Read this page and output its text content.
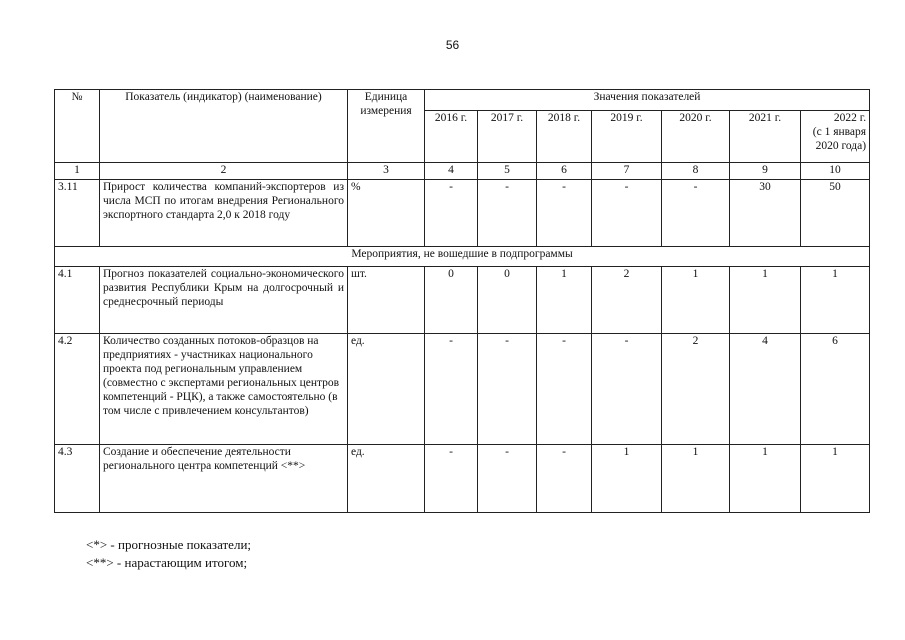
56
№	Показатель (индикатор) (наименование)	Единица измерения	Значения показателей						
			2016 г.	2017 г.	2018 г.	2019 г.	2020 г.	2021 г.	2022 г.
(с 1 января
2020 года)

1	2	3	4	5	6	7	8	9	10
3.11	Прирост количества компаний-экспортеров из числа МСП по итогам внедрения Регионального экспортного стандарта 2,0 к 2018 году	%	-	-	-	-	-	30	50
Мероприятия, не вошедшие в подпрограммы									
4.1	Прогноз показателей социально-экономического развития Республики Крым на долгосрочный и среднесрочный периоды	шт.	0	0	1	2	1	1	1
4.2	Количество созданных потоков-образцов на предприятиях - участниках национального проекта под региональным управлением (совместно с экспертами региональных центров компетенций - РЦК), а также самостоятельно (в том числе с привлечением консультантов)	ед.	-	-	-	-	2	4	6
4.3	Создание и обеспечение деятельности регионального центра компетенций <**>	ед.	-	-	-	1	1	1	1
<*> - прогнозные показатели;
<**> - нарастающим итогом;
